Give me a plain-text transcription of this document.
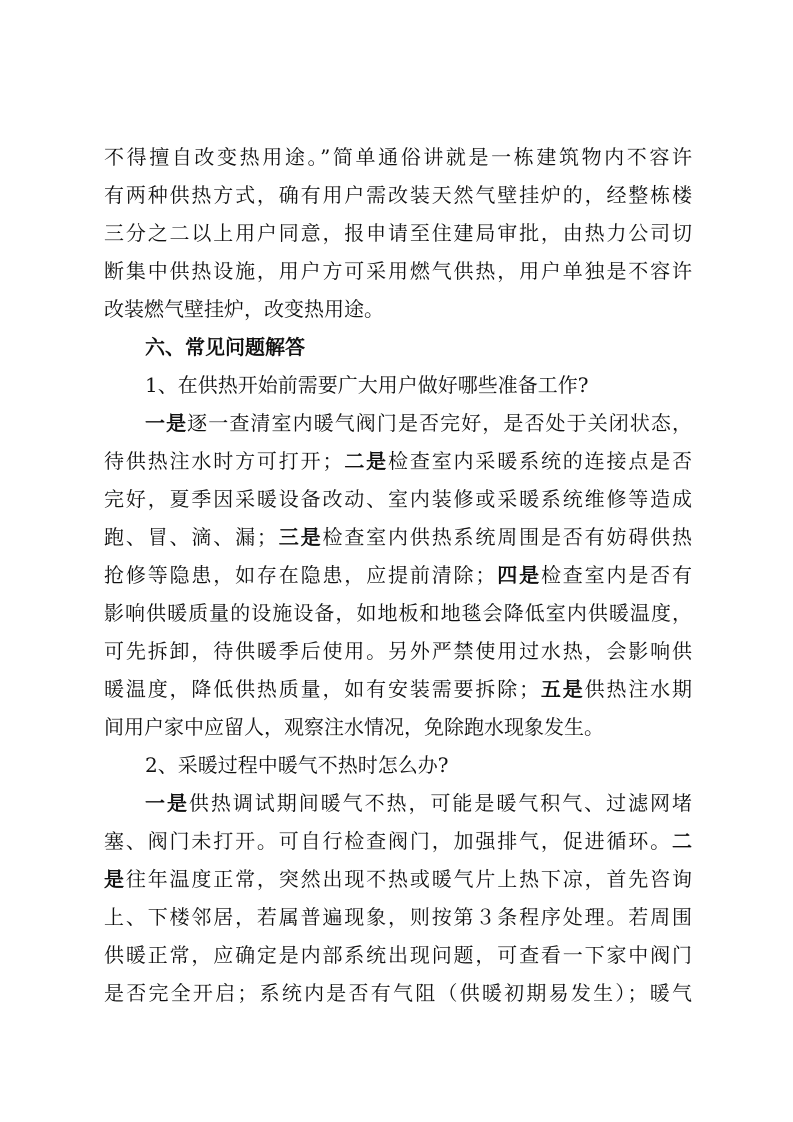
不得擅自改变热用途。”简单通俗讲就是一栋建筑物内不容许
有两种供热方式，确有用户需改装天然气壁挂炉的，经整栋楼
三分之二以上用户同意，报申请至住建局审批，由热力公司切
断集中供热设施，用户方可采用燃气供热，用户单独是不容许
改装燃气壁挂炉，改变热用途。
六、常见问题解答
1、在供热开始前需要广大用户做好哪些准备工作?
一是逐一查清室内暖气阀门是否完好，是否处于关闭状态，
待供热注水时方可打开；二是检查室内采暖系统的连接点是否
完好，夏季因采暖设备改动、室内装修或采暖系统维修等造成
跑、冒、滴、漏；三是检查室内供热系统周围是否有妨碍供热
抢修等隐患，如存在隐患，应提前清除；四是检查室内是否有
影响供暖质量的设施设备，如地板和地毯会降低室内供暖温度，
可先拆卸，待供暖季后使用。另外严禁使用过水热，会影响供
暖温度，降低供热质量，如有安装需要拆除；五是供热注水期
间用户家中应留人，观察注水情况，免除跑水现象发生。
2、采暖过程中暖气不热时怎么办?
一是供热调试期间暖气不热，可能是暖气积气、过滤网堵
塞、阀门未打开。可自行检查阀门，加强排气，促进循环。二
是往年温度正常，突然出现不热或暖气片上热下凉，首先咨询
上、下楼邻居，若属普遍现象，则按第３条程序处理。若周围
供暖正常，应确定是内部系统出现问题，可查看一下家中阀门
是否完全开启；系统内是否有气阻（供暖初期易发生）；暖气
